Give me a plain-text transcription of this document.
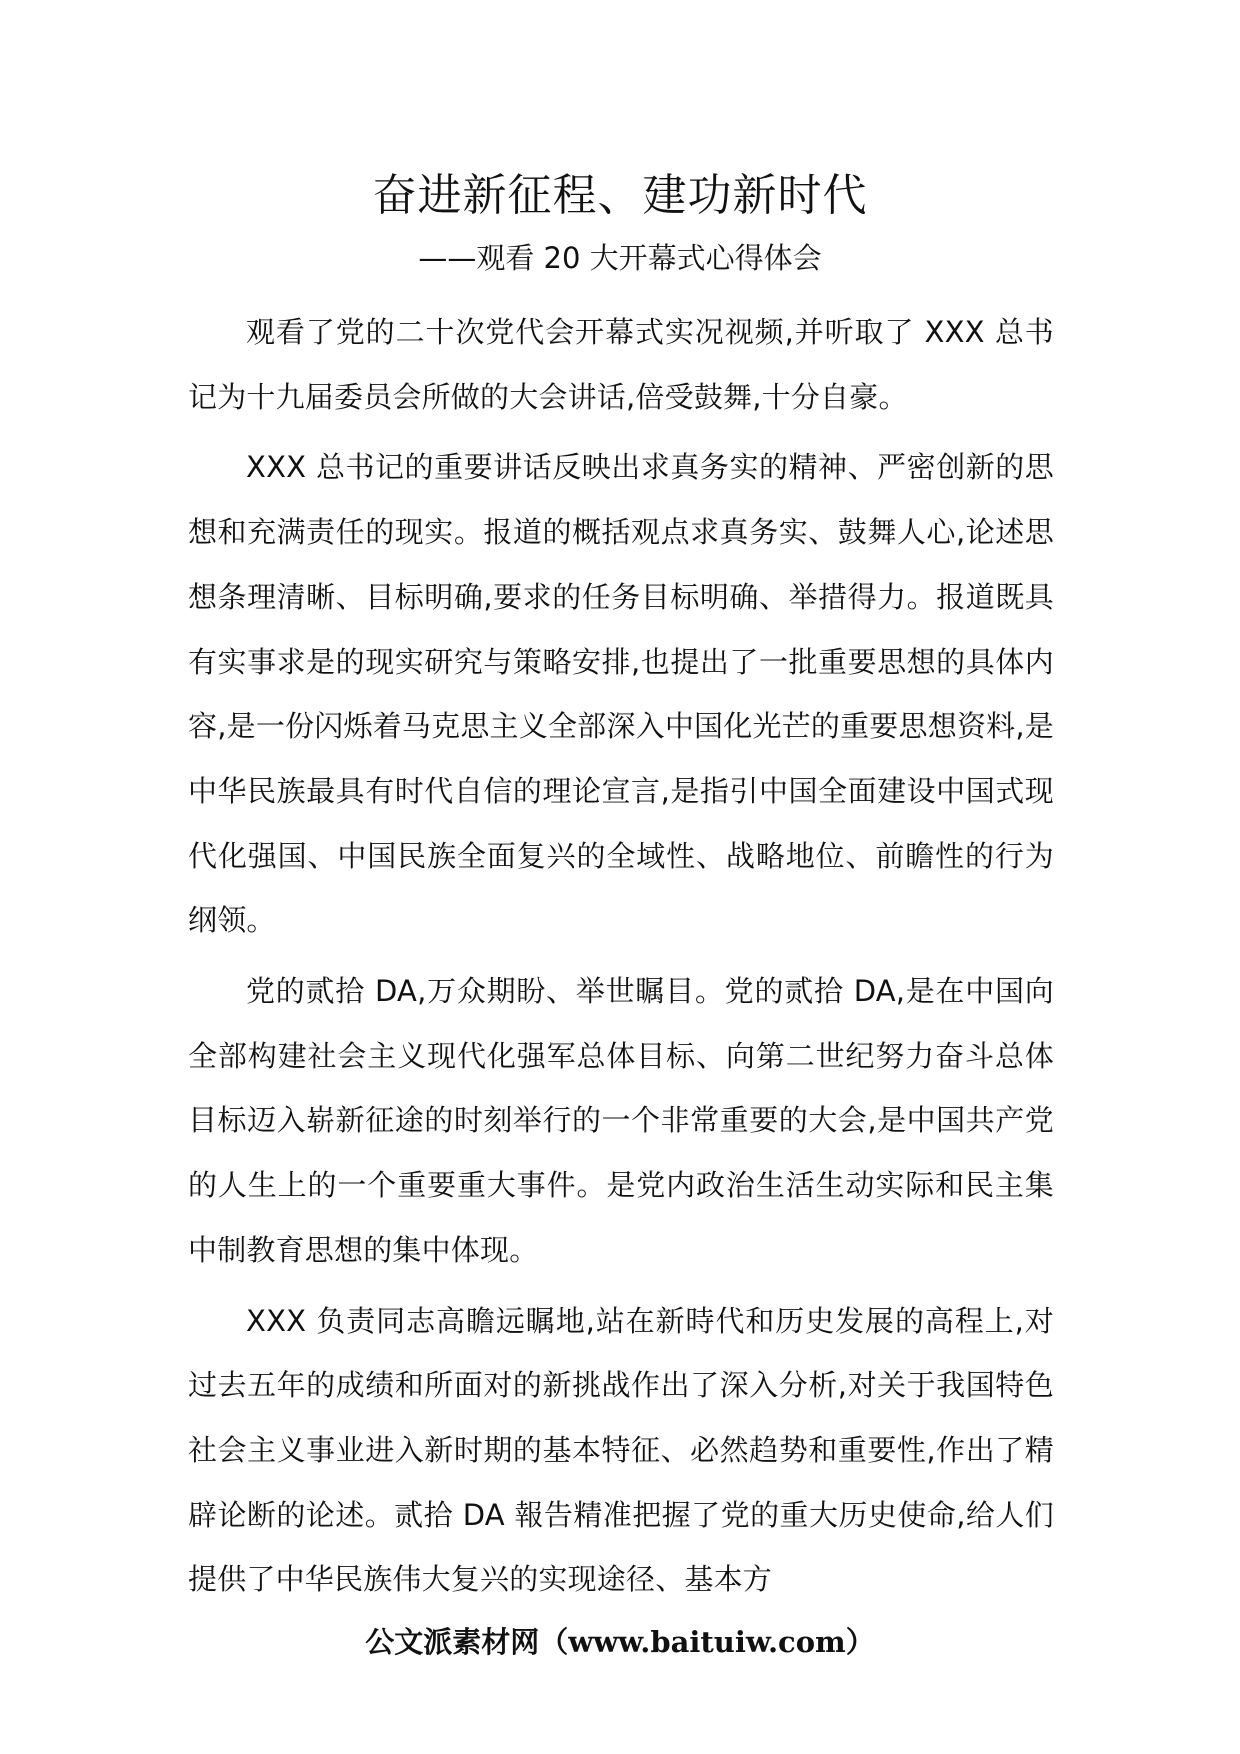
奋进新征程、建功新时代
——观看 20 大开幕式心得体会

观看了党的二十次党代会开幕式实况视频,并听取了 XXX 总书记为十九届委员会所做的大会讲话,倍受鼓舞,十分自豪。

XXX 总书记的重要讲话反映出求真务实的精神、严密创新的思想和充满责任的现实。报道的概括观点求真务实、鼓舞人心,论述思想条理清晰、目标明确,要求的任务目标明确、举措得力。报道既具有实事求是的现实研究与策略安排,也提出了一批重要思想的具体内容,是一份闪烁着马克思主义全部深入中国化光芒的重要思想资料,是中华民族最具有时代自信的理论宣言,是指引中国全面建设中国式现代化强国、中国民族全面复兴的全域性、战略地位、前瞻性的行为纲领。

党的贰拾 DA,万众期盼、举世瞩目。党的贰拾 DA,是在中国向全部构建社会主义现代化强军总体目标、向第二世纪努力奋斗总体目标迈入崭新征途的时刻举行的一个非常重要的大会,是中国共产党的人生上的一个重要重大事件。是党内政治生活生动实际和民主集中制教育思想的集中体现。

XXX 负责同志高瞻远瞩地,站在新時代和历史发展的高程上,对过去五年的成绩和所面对的新挑战作出了深入分析,对关于我国特色社会主义事业进入新时期的基本特征、必然趋势和重要性,作出了精辟论断的论述。贰拾 DA 報告精准把握了党的重大历史使命,给人们提供了中华民族伟大复兴的实现途径、基本方

公文派素材网（www.baituiw.com）
